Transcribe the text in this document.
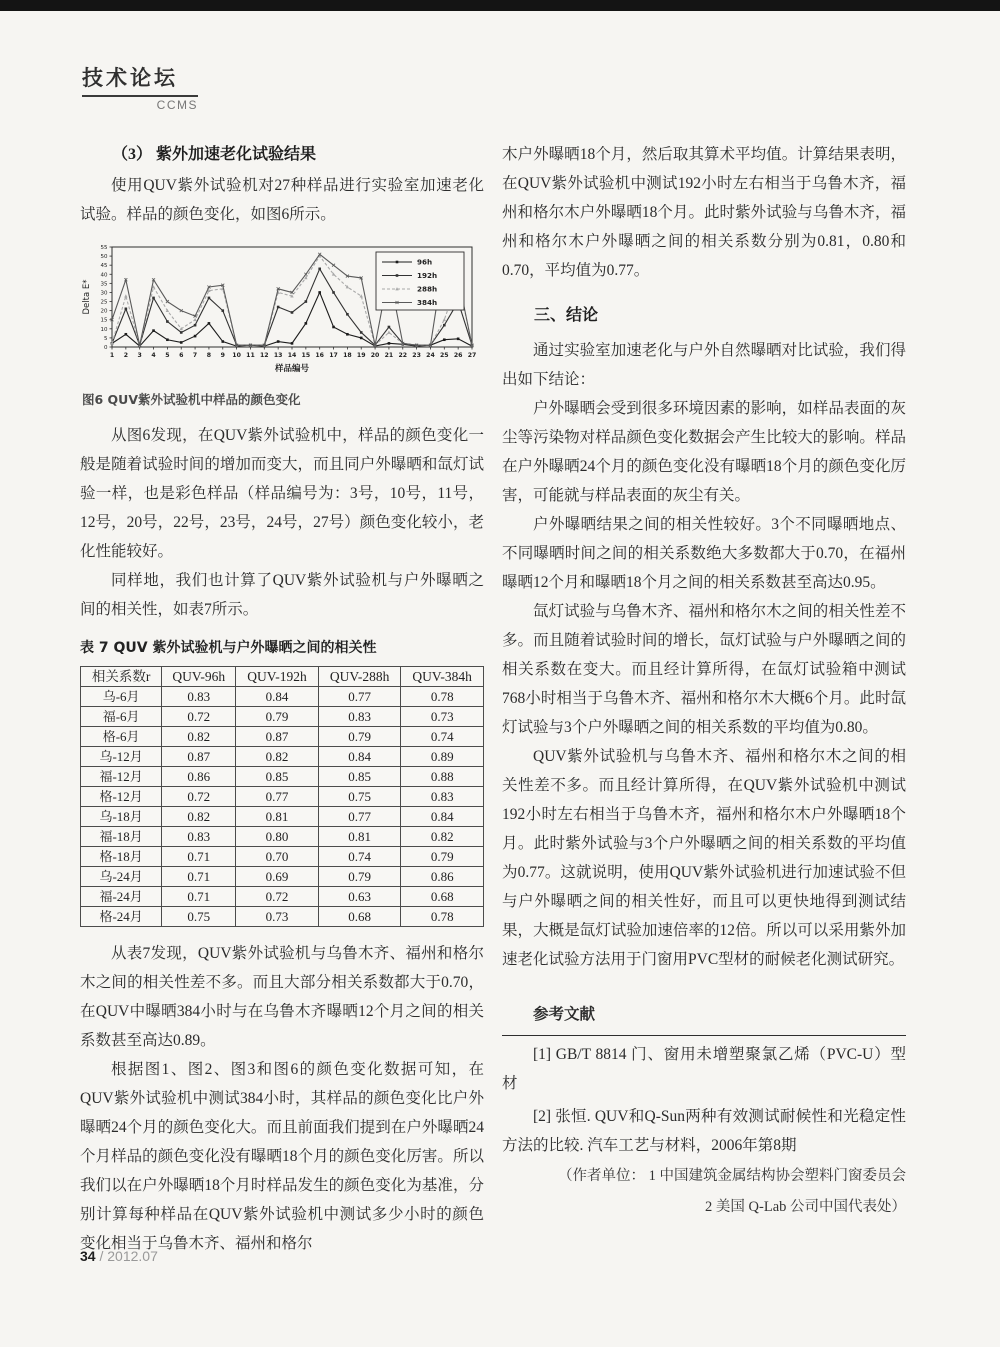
技术论坛
CCMS
（3） 紫外加速老化试验结果

使用QUV紫外试验机对27种样品进行实验室加速老化试验。样品的颜色变化，如图6所示。

0
5
10
15
20
25
30
35
40
45
50
55
1 2 3 4 5 6 7 8 9 10 11 12 13 14 15 16 17 18 19 20 21 22 23 24 25 26 27
样品编号
Delta E*
96h
192h
288h
384h
图6 QUV紫外试验机中样品的颜色变化

从图6发现，在QUV紫外试验机中，样品的颜色变化一般是随着试验时间的增加而变大，而且同户外曝晒和氙灯试验一样，也是彩色样品（样品编号为：3号，10号，11号，12号，20号，22号，23号，24号，27号）颜色变化较小，老化性能较好。

同样地，我们也计算了QUV紫外试验机与户外曝晒之间的相关性，如表7所示。

表 7 QUV 紫外试验机与户外曝晒之间的相关性
相关系数r	QUV-96h	QUV-192h	QUV-288h	QUV-384h
乌-6月	0.83	0.84	0.77	0.78
福-6月	0.72	0.79	0.83	0.73
格-6月	0.82	0.87	0.79	0.74
乌-12月	0.87	0.82	0.84	0.89
福-12月	0.86	0.85	0.85	0.88
格-12月	0.72	0.77	0.75	0.83
乌-18月	0.82	0.81	0.77	0.84
福-18月	0.83	0.80	0.81	0.82
格-18月	0.71	0.70	0.74	0.79
乌-24月	0.71	0.69	0.79	0.86
福-24月	0.71	0.72	0.63	0.68
格-24月	0.75	0.73	0.68	0.78

从表7发现，QUV紫外试验机与乌鲁木齐、福州和格尔木之间的相关性差不多。而且大部分相关系数都大于0.70，在QUV中曝晒384小时与在乌鲁木齐曝晒12个月之间的相关系数甚至高达0.89。

根据图1、图2、图3和图6的颜色变化数据可知，在QUV紫外试验机中测试384小时，其样品的颜色变化比户外曝晒24个月的颜色变化大。而且前面我们提到在户外曝晒24个月样品的颜色变化没有曝晒18个月的颜色变化厉害。所以我们以在户外曝晒18个月时样品发生的颜色变化为基准，分别计算每种样品在QUV紫外试验机中测试多少小时的颜色变化相当于乌鲁木齐、福州和格尔

木户外曝晒18个月，然后取其算术平均值。计算结果表明，在QUV紫外试验机中测试192小时左右相当于乌鲁木齐，福州和格尔木户外曝晒18个月。此时紫外试验与乌鲁木齐，福州和格尔木户外曝晒之间的相关系数分别为0.81，0.80和0.70，平均值为0.77。

三、结论

通过实验室加速老化与户外自然曝晒对比试验，我们得出如下结论：

户外曝晒会受到很多环境因素的影响，如样品表面的灰尘等污染物对样品颜色变化数据会产生比较大的影响。样品在户外曝晒24个月的颜色变化没有曝晒18个月的颜色变化厉害，可能就与样品表面的灰尘有关。

户外曝晒结果之间的相关性较好。3个不同曝晒地点、不同曝晒时间之间的相关系数绝大多数都大于0.70，在福州曝晒12个月和曝晒18个月之间的相关系数甚至高达0.95。

氙灯试验与乌鲁木齐、福州和格尔木之间的相关性差不多。而且随着试验时间的增长，氙灯试验与户外曝晒之间的相关系数在变大。而且经计算所得，在氙灯试验箱中测试768小时相当于乌鲁木齐、福州和格尔木大概6个月。此时氙灯试验与3个户外曝晒之间的相关系数的平均值为0.80。

QUV紫外试验机与乌鲁木齐、福州和格尔木之间的相关性差不多。而且经计算所得，在QUV紫外试验机中测试192小时左右相当于乌鲁木齐，福州和格尔木户外曝晒18个月。此时紫外试验与3个户外曝晒之间的相关系数的平均值为0.77。这就说明，使用QUV紫外试验机进行加速试验不但与户外曝晒之间的相关性好，而且可以更快地得到测试结果，大概是氙灯试验加速倍率的12倍。所以可以采用紫外加速老化试验方法用于门窗用PVC型材的耐候老化测试研究。

参考文献

[1] GB/T 8814 门、窗用未增塑聚氯乙烯（PVC-U）型材

[2] 张恒. QUV和Q-Sun两种有效测试耐候性和光稳定性方法的比较. 汽车工艺与材料，2006年第8期

（作者单位： 1 中国建筑金属结构协会塑料门窗委员会

2 美国 Q-Lab 公司中国代表处）

34 / 2012.07
